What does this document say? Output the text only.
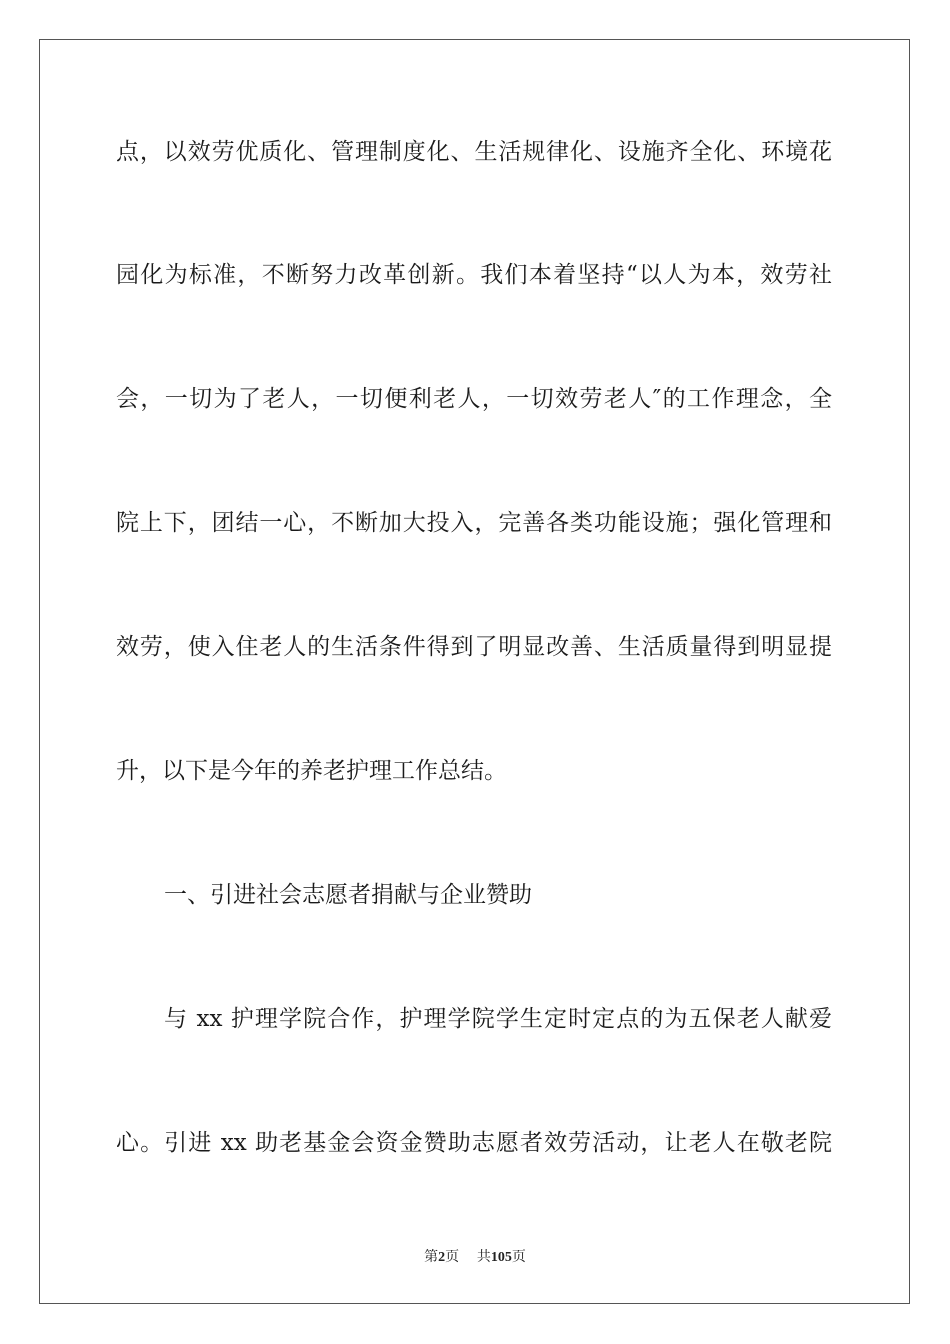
点，以效劳优质化、管理制度化、生活规律化、设施齐全化、环境花
园化为标准，不断努力改革创新。我们本着坚持“以人为本，效劳社
会，一切为了老人，一切便利老人，一切效劳老人″的工作理念，全
院上下，团结一心，不断加大投入，完善各类功能设施；强化管理和
效劳，使入住老人的生活条件得到了明显改善、生活质量得到明显提
升，以下是今年的养老护理工作总结。
一、引进社会志愿者捐献与企业赞助
与 xx 护理学院合作，护理学院学生定时定点的为五保老人献爱
心。引进 xx 助老基金会资金赞助志愿者效劳活动，让老人在敬老院
第2页 共105页
